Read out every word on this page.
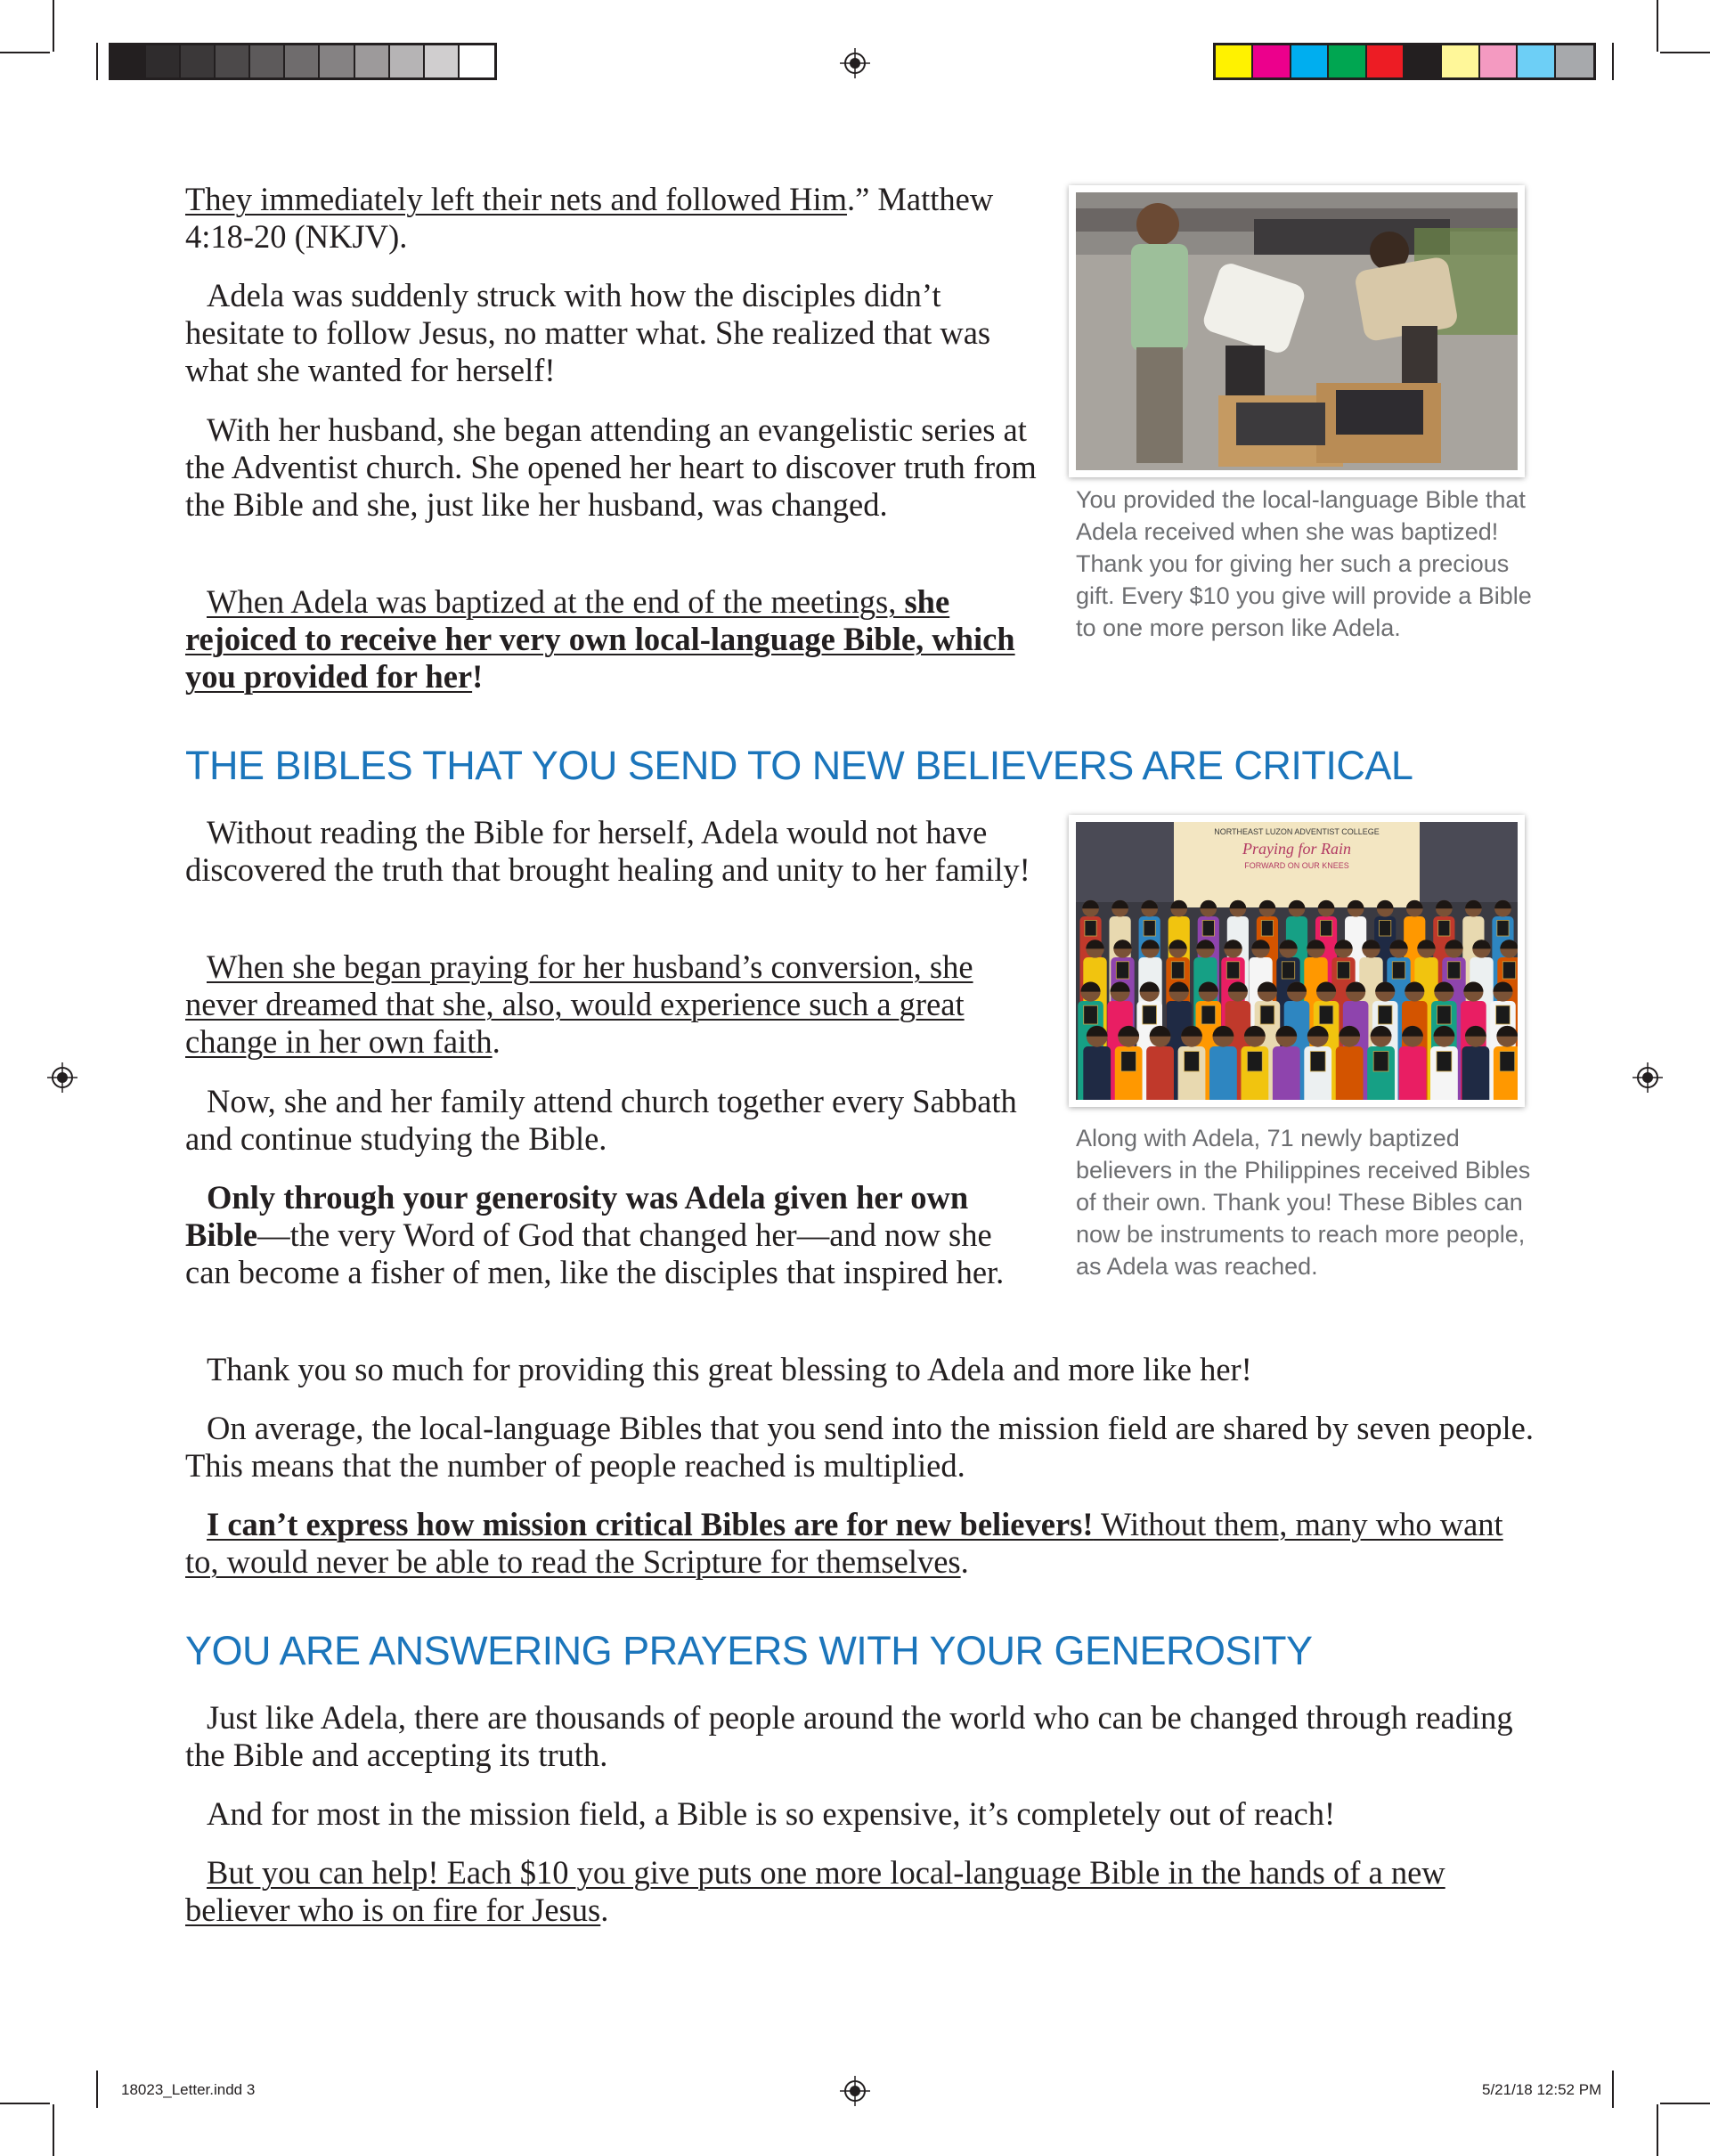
18023_Letter.indd 3	5/21/18 12:52 PM

They immediately left their nets and followed Him.” Matthew 4:18-20 (NKJV).

Adela was suddenly struck with how the disciples didn’t hesitate to follow Jesus, no matter what. She realized that was what she wanted for herself!

With her husband, she began attending an evangelistic series at the Adventist church. She opened her heart to discover truth from the Bible and she, just like her husband, was changed.

When Adela was baptized at the end of the meetings, she rejoiced to receive her very own local-language Bible, which you provided for her!

You provided the local-language Bible that Adela received when she was baptized! Thank you for giving her such a precious gift. Every $10 you give will provide a Bible to one more person like Adela.

THE BIBLES THAT YOU SEND TO NEW BELIEVERS ARE CRITICAL

Without reading the Bible for herself, Adela would not have discovered the truth that brought healing and unity to her family!

When she began praying for her husband’s conversion, she never dreamed that she, also, would experience such a great change in her own faith.

Now, she and her family attend church together every Sabbath and continue studying the Bible.

Only through your generosity was Adela given her own Bible—the very Word of God that changed her—and now she can become a fisher of men, like the disciples that inspired her.

NORTHEAST LUZON ADVENTIST COLLEGE
Praying for Rain
FORWARD ON OUR KNEES

Along with Adela, 71 newly baptized believers in the Philippines received Bibles of their own. Thank you! These Bibles can now be instruments to reach more people, as Adela was reached.

Thank you so much for providing this great blessing to Adela and more like her!

On average, the local-language Bibles that you send into the mission field are shared by seven people. This means that the number of people reached is multiplied.

I can’t express how mission critical Bibles are for new believers! Without them, many who want to, would never be able to read the Scripture for themselves.

YOU ARE ANSWERING PRAYERS WITH YOUR GENEROSITY

Just like Adela, there are thousands of people around the world who can be changed through reading the Bible and accepting its truth.

And for most in the mission field, a Bible is so expensive, it’s completely out of reach!

But you can help! Each $10 you give puts one more local-language Bible in the hands of a new believer who is on fire for Jesus.
